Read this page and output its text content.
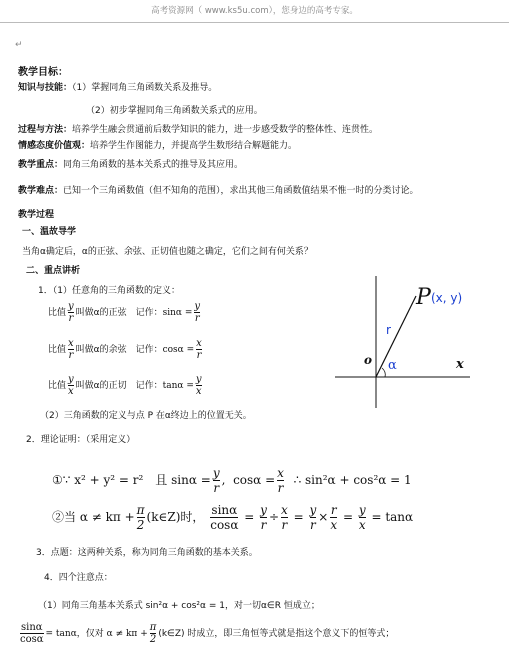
高考资源网（ www.ks5u.com），您身边的高考专家。
↵
教学目标：
知识与技能：（1）掌握同角三角函数关系及推导。
（2）初步掌握同角三角函数关系式的应用。
过程与方法：培养学生融会贯通前后数学知识的能力，进一步感受数学的整体性、连贯性。
情感态度价值观：培养学生作图能力，并提高学生数形结合解题能力。
教学重点：同角三角函数的基本关系式的推导及其应用。
教学难点：已知一个三角函数值（但不知角的范围），求出其他三角函数值结果不惟一时的分类讨论。
教学过程
一、温故导学
当角α确定后，α的正弦、余弦、正切值也随之确定，它们之间有何关系？
二、重点讲析
1．（1）任意角的三角函数的定义：
比值 $\frac{y}{r}$ 叫做α的正弦　记作：$\sin\alpha = \frac{y}{r}$
比值 $\frac{x}{r}$ 叫做α的余弦　记作：$\cos\alpha = \frac{x}{r}$
比值 $\frac{y}{x}$ 叫做α的正切　记作：$\tan\alpha = \frac{y}{x}$
（2）三角函数的定义与点 P 在α终边上的位置无关。
P (x, y)
r
o α	x
2．理论证明：（采用定义）
①∵ x² + y² = r²　且 $\sin\alpha = \frac{y}{r}$ ,  $\cos\alpha = \frac{x}{r}$ ∴ sin²α + cos²α = 1
②当 $\alpha \ne k\pi + \frac{\pi}{2}$ (k∈Z)时， $\frac{\sin\alpha}{\cos\alpha} = \frac{y}{r} \div \frac{x}{r} = \frac{y}{r} \times \frac{r}{x} = \frac{y}{x} = \tan\alpha$
3．点题：这两种关系，称为同角三角函数的基本关系。
4．四个注意点：
（1）同角三角基本关系式 sin²α + cos²α = 1，对一切α∈R 恒成立；
$\frac{\sin\alpha}{\cos\alpha} = \tan\alpha$，仅对 $\alpha \ne k\pi + \frac{\pi}{2}$ (k∈Z) 时成立，即三角恒等式就是指这个意义下的恒等式；
